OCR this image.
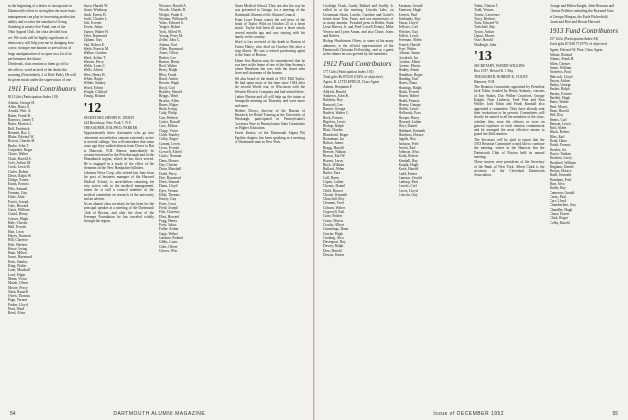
in the beginning of a desire to incorporate in

Dartmouth's effort to strengthen the more basic

management can play in increasing production

ability and so raise the standard of living.

Standing at ninety-five Fund, one of the

Ohio Appeal Club, the class decided how

we. We work will be highly significant of

democracy will help join me in changing how

a new, stronger mechanism to prevail out of

large amalgamation of us spun on a lot of its

performance the future.

Dividends, class reunion to them go off to

the officer, word arrived of the death this

morning (Novemberly 2 of Dole Park). He will

be given much under the supervision of one.

1911 Fund Contributors
$13 Gifts (Participation Index 119)
Adams, George H.
Allen, Harry S.
Arnold, Wm. A.
Baker, Frank R.
Barrows, James T.
Bates, Morton L.
Bell, Frederick
Bennett, Roy C.
Blake, Edward W.
Brown, Charles H.
Burke, John T.
Carpenter, Roger
Chase, Walter
Clark, Harold S.
Cole, Arthur M.
Cook, Lewis B.
Cutler, Robert
Davis, Ralph W.
Dodge, Ernest
Eaton, Francis
Ellis, Samuel
Farnum, Guy
Fiske, Alan
Foster, Joseph
Gale, Howard
Gates, William
Gould, Henry
Graves, Hugh
Hale, Chester
Hall, Everett
Hart, Leon
Hayes, Norman
Hill, Clarence
Holt, Herbert
Howe, Irving
Hunt, Milton
Jones, Raymond
Kent, Stanley
King, Walter
Lane, Marshall
Lord, Edgar
Mann, Victor
Marsh, Oliver
Moore, Percy
Nash, Russell
Owen, Thomas
Page, Vernon
Parker, Lloyd
Pratt, Ward
Reed, Alvin
Snow, Harold W.
Stone, Winthrop
Stark, Ernest D.
Swift, Charles L.
Taft, Everett
Tower, Julius
Turner, Walter H.
Tyler, Raymond
Upham, Guy
Vail, Robert E.
Wade, Francis M.
Walker, Gordon
Ward, Arthur T.
Warren, Percy
Webb, Louis C.
Wells, Alfred
West, Henry B.
White, Roger
Wilder, Stanley
Wood, Edwin
Wright, Clifford
Young, Roland
'12

SECRETARY, HENRY K. URION

244 Broadway, New York 7, N.Y.

TREASURER, RALPH D. PARKER

Approximately three classmates who go into retirement nevertheless remain extremely active in several callings. You will remember that some years ago they walked almost from Dover to Bar in Hancock, N.H. Almost immediately he became interested in the Peterborough and in the Monadnock region, which he has since served. He is engaged in a study of the effect of the elements on the New Hampshire hillsides.

Lebanon News Corp, who retired last June from the post of business manager of the Harvard Medical School, is nevertheless returning his very active role in the medical management, where he is still a council member of the medical committee on research of the university and an adviser.

As an alumni class secretary he has been for the principal speaker at a meeting of the Dartmouth Club of Boston, and after the close of the Freeman Foundation he has traveled widely through the region.

Wooster, Harold A.
Woods, Charles D.
Wright, Frank A.
Wyman, William H.
Yates, Edward S.
Yeager, Robert
York, Alfred W.
Young, Perry M.
Zeller, John C.
Adams, Earl
Allen, Raymond
Ames, Oliver
Barber, Lee
Barton, Henry
Beal, Walter
Berry, Ralph
Bliss, Frank
Bond, Arthur
Bowen, Hugh
Boyd, Carl
Bradley, Harold
Briggs, Ward
Brooks, Allen
Burns, Edgar
Bush, Irving
Cady, Philip
Carr, Herbert
Carter, Russell
Cass, Milton
Clapp, Victor
Cobb, Stanley
Colby, Roger
Conant, Lewis
Cross, Everett
Crowell, Alfred
Curtis, Norman
Dana, Horace
Day, Chester
Dean, Marshall
Dodd, Percy
Doe, Raymond
Drew, Samuel
Dunn, Lloyd
Dyer, Vernon
Eddy, Thomas
Emery, Guy
Estes, Leon
Field, Joseph
Fisk, Clarence
Flint, Howard
Fogg, Henry
Frost, Julius
Fuller, Arthur
Gage, Walter
Gardner, Roland
Gibbs, Louis
Giles, Oliver
Glover, Wm.

Ames Medical School. They are also the way he was presented to Ginago for a meeting of the Dartmouth Alumni of the Alumni Council.

From Lowe Evans comes the sad news of the death of Taylor Wild on October 25 of a heart attack. Taylor had been ill since a heart attack several months ago and was staying with his family in the country.

Word is fort received of the death in Boston of Ernest Haley, who died on October 6th after a long illness. He was a retired purchasing agent of the State of Boston.

Elmer Jess Barton may be remembered that he was here at the home of one of the Stan Swamp's where Burnham Inn was with the finest men there and chairman of the bureau.

We also heard of the death of 1911 Mill Taylor. He had spent most of the time since 1944 after the second World war, in Wisconsin with the Western Electric Company and had retired there.

Luther Burton and all will help up the trains at Annapolis meeting on Thursday and were more and more.

Herbert Drews, director of the Bureau of Research for Retail Training at the University of Pittsburgh, participated in Pennsylvania's Governor Fine to Pennsylvania State Committee on Higher Education.

Erwin Kniess, of the Dartmouth Sigma Phi Epsilon chapter, has been speaking at a meeting of Dartmouth men in New York.

54	DARTMOUTH ALUMNI MAGAZINE

Coolidge Clark, Guedy Ballard and Gadfly Jr. called in at the meeting. Lincoln Labs, on Lieutenant Sloan, Laredo, Caroline and Gattie's return from Tem. Freas, and our anniversary of so many months. Tweaked pens at Berlin, Saint Lieut Harvey Jr. and Fred Lowell Eventy, Mike Yerrow and Lyme Arnan, and also Chase, Jones and Robert.

Bishop Hutchinson Oliver, to some of his many admirers, is the official representative of the Dartmouth Christian Fellowship, and as a guest at the dinner he was greeted by the members.

1912 Fund Contributors
177 Gifts (Participation Index 101)

Total gifts $6,870.00 (104% of objective)

Agent, R. LITTLEFIELD, Class Agent

Adams, Benjamin F.
Aldrich, Harold
Andrews, John R.
Baldwin, Roy
Bancroft, Lee
Barrett, George
Bartlett, Walter C.
Beck, Francis
Bigelow, Lewis
Bishop, Ralph
Blair, Charles
Blanchard, Roger
Boardman, Ira
Bolton, James
Bragg, Harold
Brewer, Nathan
Brown, Earl W.
Bryant, Leroy
Buck, William
Bullard, Alden
Butler, Ezra
Call, Harry
Capen, Luther
Cheney, Daniel
Child, Horace
Choate, Kenneth
Churchill, Roy
Clement, Fred
Coburn, Walter
Cogswell, Earl
Cone, Robert
Crane, Morris
Crosby, Albert
Cummings, Dana
Currier, Hugh
Cushing, Alva
Davenport, Ray
Dewey, Ralph
Dow, Harold
Downs, Ernest
Eastman, Gerald
Emerson, Hugh
Everett, Paul
Fairbanks, Roy
Farrar, Lloyd
Fellows, Carl
Fletcher, Guy
Follett, Lewis
Freeman, Alden
French, Harold
Frye, Walter
Gilman, James
Goodrich, Ira
Gordon, Albert
Greene, Morris
Hadley, Frank
Hamilton, Roger
Harding, Earl
Harris, Dana
Hastings, Ralph
Hatch, Everett
Hazen, Walter
Heald, Francis
Hersey, George
Hobbs, Lewis
Holbrook, Ezra
Hooper, Harry
Howard, Luther
Hoyt, Daniel
Hubbard, Kenneth
Hutchins, Horace
Ingalls, Roy
Jackson, Fred
Jewett, Earl
Johnson, Alva
Keith, Robert
Kimball, Ray
Knight, Hugh
Knox, Harold
Ladd, Ernest
Lamson, Gerald
Lathrop, Paul
Leavitt, Carl
Lewis, Lloyd
Lincoln, Guy
Tobin, Clinton T.
Todd, Vernon
Towne, Lawrence
Tracy, Herbert
Tuck, Edward W.
Twitchell, Ray
Tyson, Arthur
Upton, Morris
Vose, Harold
Wadleigh, John
'13

SECRETARY, WARDE WILKINS

Box 1057, Bristol R. 1 Bay

TREASURER, ROBERT K. COLBY

Hanover, N.H.

The Reunion Committee appointed by President Jack Tobin, headed by Henry Seabury, consists of Jim Stokes, Doc Wilber Crawford, George Knight, Nate Leaherty, Fred Pine and Ken Wilder. Jack Tobin and Frank Kimball also appointed a committee. They have already sent their invitations to be present. Committees will shortly be started to all the members of the class, whether they were the officers or were on general expenses to each reunion commitment and he arranged the most effective means to guard the 40th reunion.

The Secretary will be glad to report that the 1913 Reunion Committee would like to continue the meeting, where in the Hanover Inn the Dartmouth Club of Boston held its annual meeting.

These seniors were presidents of the Secretary of the Bank of New York. Albert Clark is the secretary of the Cleveland Dartmouth Association.

George and Helen Knight, John Reeseau and

Clarion Pelletier attending the Boynard Gate

at George Morgan, the Earle Bickerfield,

Grant and Bert and Bexon Harvard.

1913 Fund Contributors
157 Gifts (Participation Index 94)

Total gifts $7,940.75 (97% of objective)

Agent, Edward W. Pine, Class Agent

Abbott, Roland
Adams, Frank H.
Allen, Chester
Ames, William
Andrews, Paul
Babcock, Lloyd
Bacon, Arthur
Bailey, George
Barker, Ralph
Barnes, Everett
Bartlett, Hugh
Bates, Walter
Beal, Morris
Bean, Harold
Bell, Roy
Bemis, Carl
Benson, Lewis
Bird, Alden
Black, Robert
Bliss, Earl
Bond, Dana
Booth, Francis
Bowles, Ira
Boyce, Nathan
Brackett, Leroy
Bradford, William
Brigham, Daniel
Brown, Horace
Buell, Kenneth
Burnham, Fred
Burr, Alva
Butler, Ray
Cameron, Gerald
Carey, Paul
Carr, Lloyd
Chamberlain, Guy
Chandler, Hugh
Chase, Ernest
Clark, Roger
Colby, Harold
Issue of DECEMBER 1952	55
